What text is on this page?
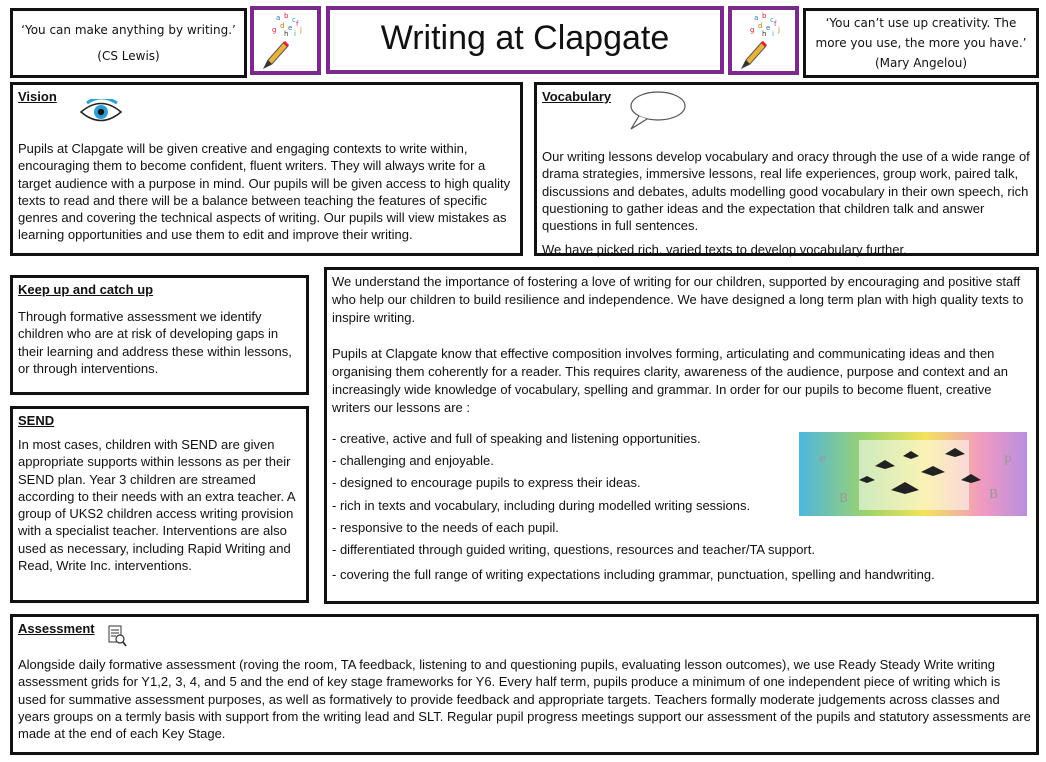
‘You can make anything by writing.’

(CS Lewis)

a b c
d e f
g h i j	Writing at Clapgate
a b c
d e f
g h i j	‘You can’t use up creativity. The more you use, the more you have.’ (Mary Angelou)

Vision

Pupils at Clapgate will be given creative and engaging contexts to write within, encouraging them to become confident, fluent writers. They will always write for a target audience with a purpose in mind. Our pupils will be given access to high quality texts to read and there will be a balance between teaching the features of specific genres and covering the technical aspects of writing. Our pupils will view mistakes as learning opportunities and use them to edit and improve their writing.

Vocabulary

Our writing lessons develop vocabulary and oracy through the use of a wide range of drama strategies, immersive lessons, real life experiences, group work, paired talk, discussions and debates, adults modelling good vocabulary in their own speech, rich questioning to gather ideas and the expectation that children talk and answer questions in full sentences.

We have picked rich, varied texts to develop vocabulary further.

Keep up and catch up

Through formative assessment we identify children who are at risk of developing gaps in their learning and address these within lessons, or through interventions.

SEND

In most cases, children with SEND are given appropriate supports within lessons as per their SEND plan. Year 3 children are streamed according to their needs with an extra teacher. A group of UKS2 children access writing provision with a specialist teacher. Interventions are also used as necessary, including Rapid Writing and Read, Write Inc. interventions.

We understand the importance of fostering a love of writing for our children, supported by encouraging and positive staff who help our children to build resilience and independence. We have designed a long term plan with high quality texts to inspire writing.

Pupils at Clapgate know that effective composition involves forming, articulating and communicating ideas and then organising them coherently for a reader. This requires clarity, awareness of the audience, purpose and context and an increasingly wide knowledge of vocabulary, spelling and grammar. In order for our pupils to become fluent, creative writers our lessons are :

- creative, active and full of speaking and listening opportunities.
- challenging and enjoyable.
- designed to encourage pupils to express their ideas.
- rich in texts and vocabulary, including during modelled writing sessions.
- responsive to the needs of each pupil.
- differentiated through guided writing, questions, resources and teacher/TA support.
- covering the full range of writing expectations including grammar, punctuation, spelling and handwriting.
e
B	B
p
Assessment

Alongside daily formative assessment (roving the room, TA feedback, listening to and questioning pupils, evaluating lesson outcomes), we use Ready Steady Write writing assessment grids for Y1,2, 3, 4, and 5 and the end of key stage frameworks for Y6. Every half term, pupils produce a minimum of one independent piece of writing which is used for summative assessment purposes, as well as formatively to provide feedback and appropriate targets. Teachers formally moderate judgements across classes and years groups on a termly basis with support from the writing lead and SLT. Regular pupil progress meetings support our assessment of the pupils and statutory assessments are made at the end of each Key Stage.
